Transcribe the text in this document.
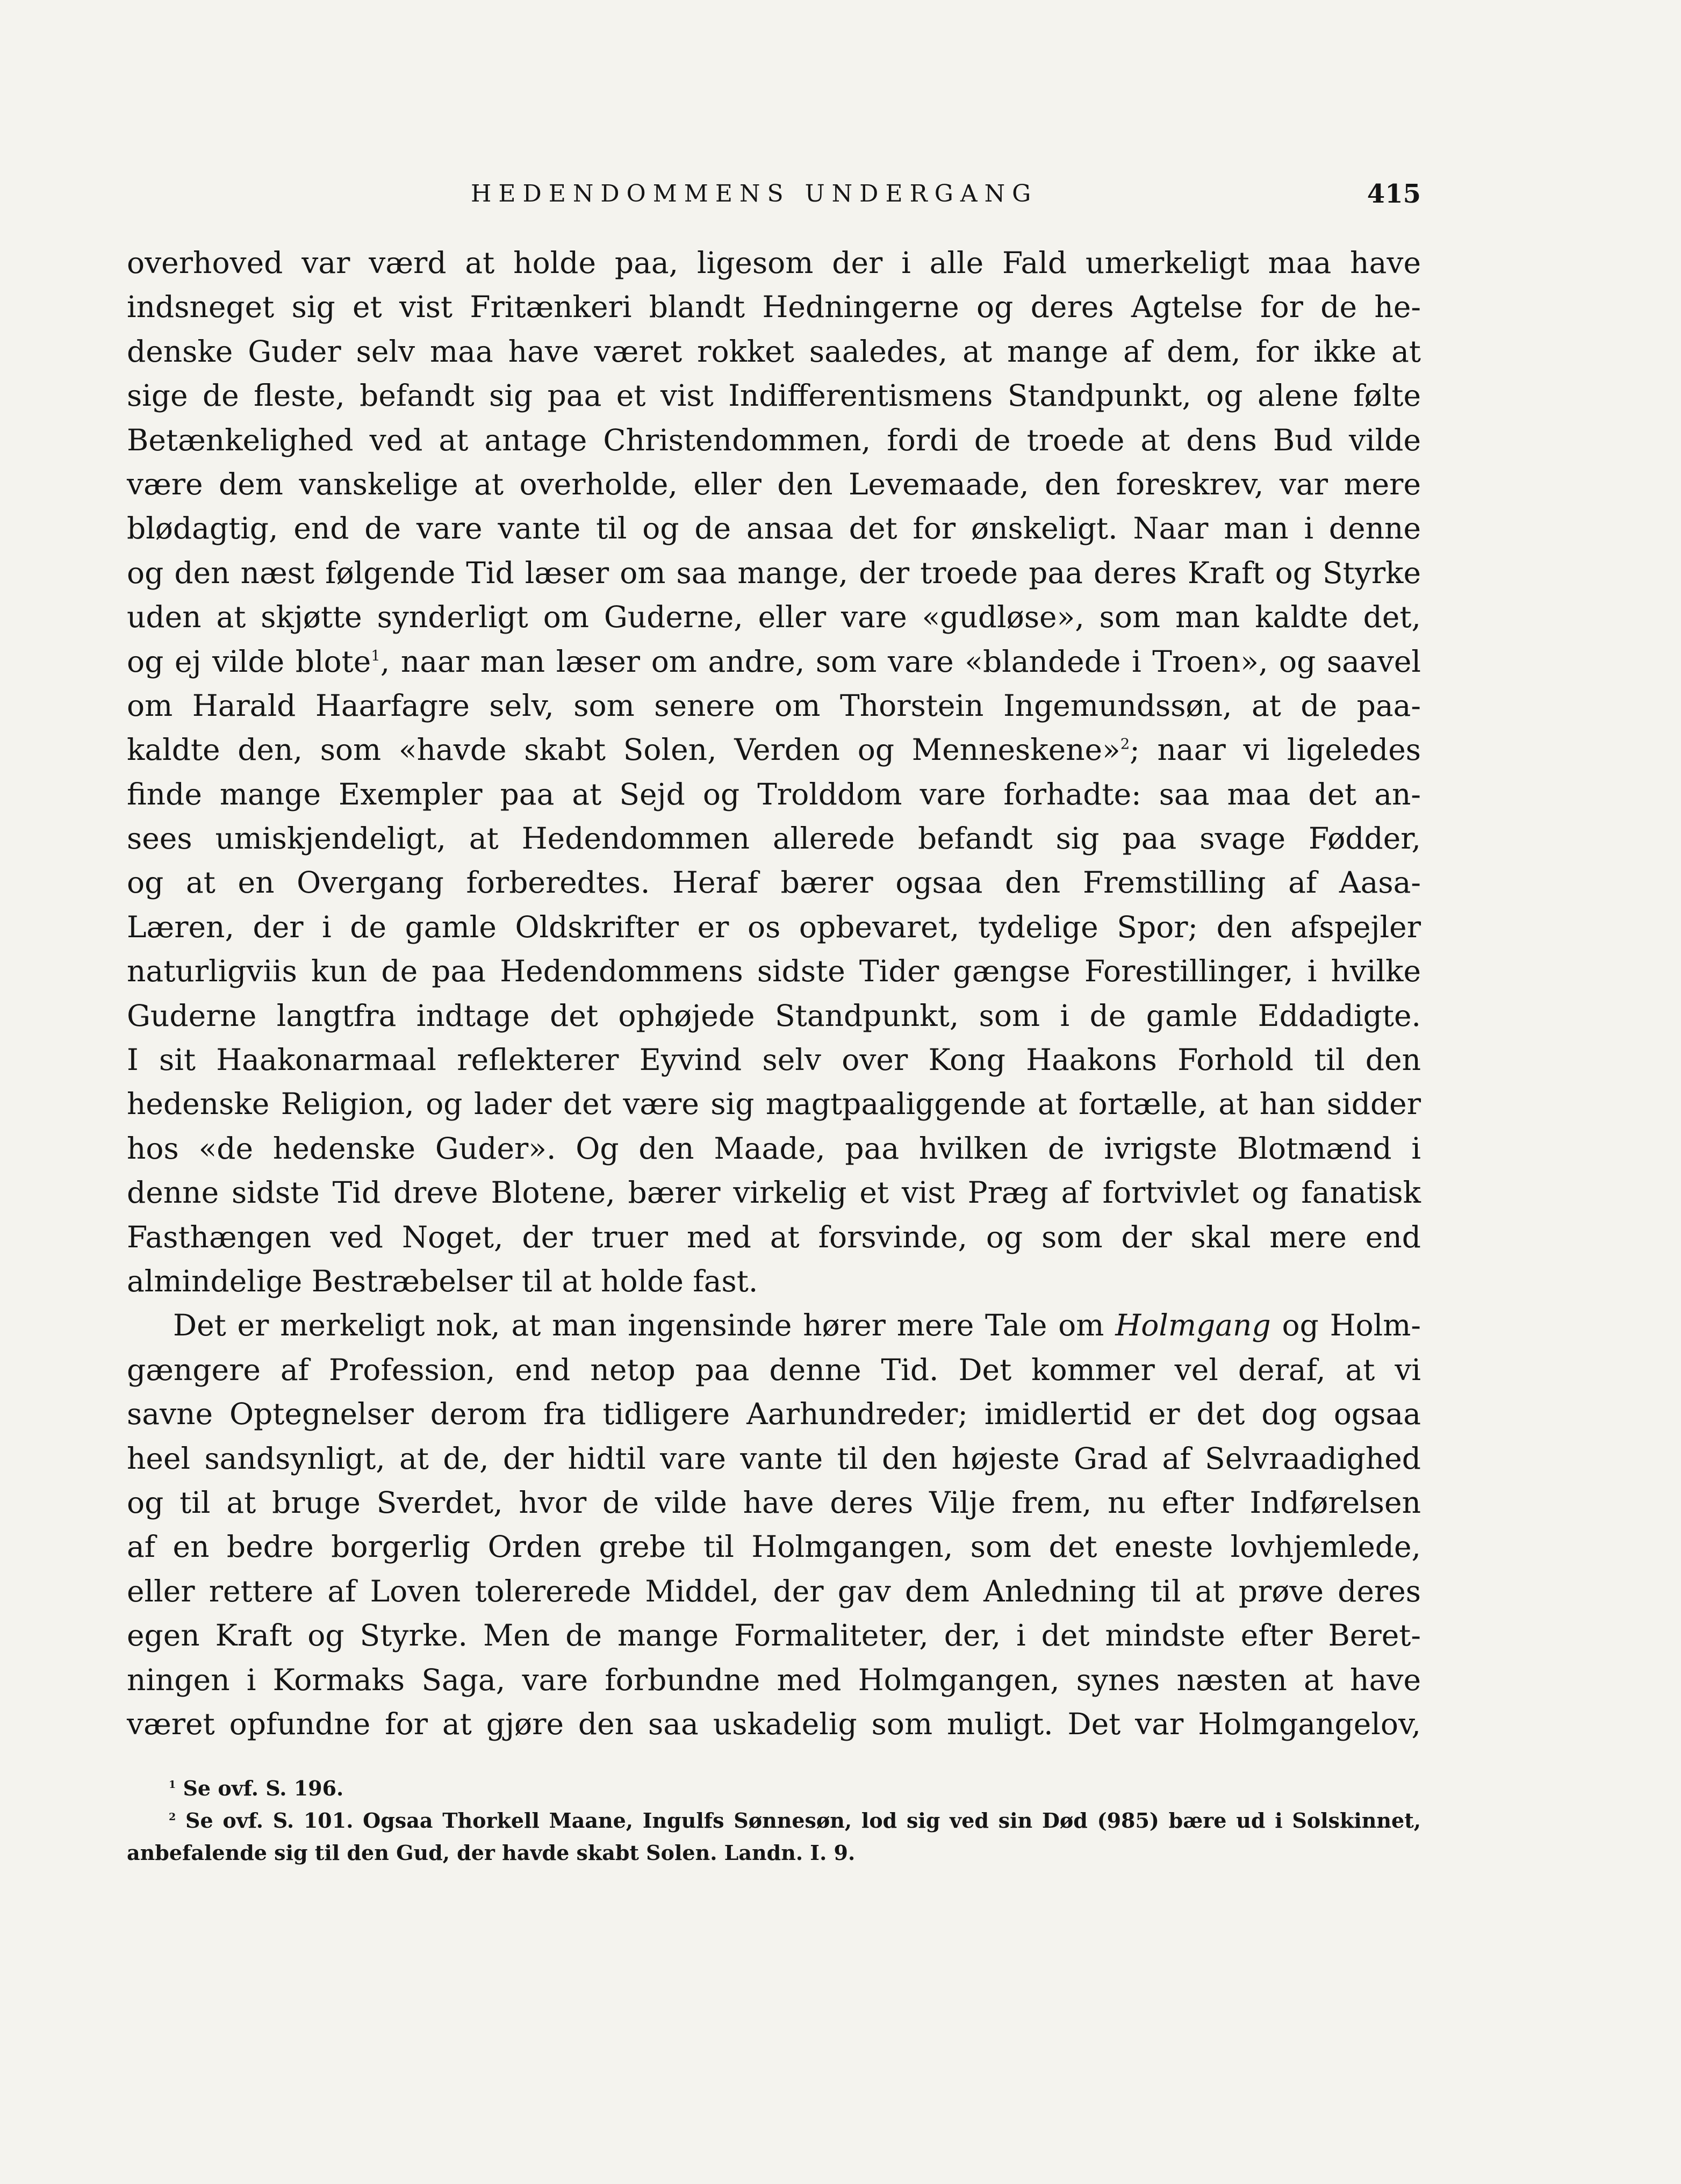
HEDENDOMMENS UNDERGANG	415
overhoved var værd at holde paa, ligesom der i alle Fald umerkeligt maa have
indsneget sig et vist Fritænkeri blandt Hedningerne og deres Agtelse for de he-
denske Guder selv maa have været rokket saaledes, at mange af dem, for ikke at
sige de fleste, befandt sig paa et vist Indifferentismens Standpunkt, og alene følte
Betænkelighed ved at antage Christendommen, fordi de troede at dens Bud vilde
være dem vanskelige at overholde, eller den Levemaade, den foreskrev, var mere
blødagtig, end de vare vante til og de ansaa det for ønskeligt. Naar man i denne
og den næst følgende Tid læser om saa mange, der troede paa deres Kraft og Styrke
uden at skjøtte synderligt om Guderne, eller vare «gudløse», som man kaldte det,
og ej vilde blote$^1$, naar man læser om andre, som vare «blandede i Troen», og saavel
om Harald Haarfagre selv, som senere om Thorstein Ingemundssøn, at de paa-
kaldte den, som «havde skabt Solen, Verden og Menneskene»$^2$; naar vi ligeledes
finde mange Exempler paa at Sejd og Trolddom vare forhadte: saa maa det an-
sees umiskjendeligt, at Hedendommen allerede befandt sig paa svage Fødder,
og at en Overgang forberedtes. Heraf bærer ogsaa den Fremstilling af Aasa-
Læren, der i de gamle Oldskrifter er os opbevaret, tydelige Spor; den afspejler
naturligviis kun de paa Hedendommens sidste Tider gængse Forestillinger, i hvilke
Guderne langtfra indtage det ophøjede Standpunkt, som i de gamle Eddadigte.
I sit Haakonarmaal reflekterer Eyvind selv over Kong Haakons Forhold til den
hedenske Religion, og lader det være sig magtpaaliggende at fortælle, at han sidder
hos «de hedenske Guder». Og den Maade, paa hvilken de ivrigste Blotmænd i
denne sidste Tid dreve Blotene, bærer virkelig et vist Præg af fortvivlet og fanatisk
Fasthængen ved Noget, der truer med at forsvinde, og som der skal mere end
almindelige Bestræbelser til at holde fast.
Det er merkeligt nok, at man ingensinde hører mere Tale om Holmgang og Holm-
gængere af Profession, end netop paa denne Tid. Det kommer vel deraf, at vi
savne Optegnelser derom fra tidligere Aarhundreder; imidlertid er det dog ogsaa
heel sandsynligt, at de, der hidtil vare vante til den højeste Grad af Selvraadighed
og til at bruge Sverdet, hvor de vilde have deres Vilje frem, nu efter Indførelsen
af en bedre borgerlig Orden grebe til Holmgangen, som det eneste lovhjemlede,
eller rettere af Loven tolererede Middel, der gav dem Anledning til at prøve deres
egen Kraft og Styrke. Men de mange Formaliteter, der, i det mindste efter Beret-
ningen i Kormaks Saga, vare forbundne med Holmgangen, synes næsten at have
været opfundne for at gjøre den saa uskadelig som muligt. Det var Holmgangelov,
$^1$ Se ovf. S. 196.
$^2$ Se ovf. S. 101. Ogsaa Thorkell Maane, Ingulfs Sønnesøn, lod sig ved sin Død (985) bære ud i Solskinnet,
anbefalende sig til den Gud, der havde skabt Solen. Landn. I. 9.
